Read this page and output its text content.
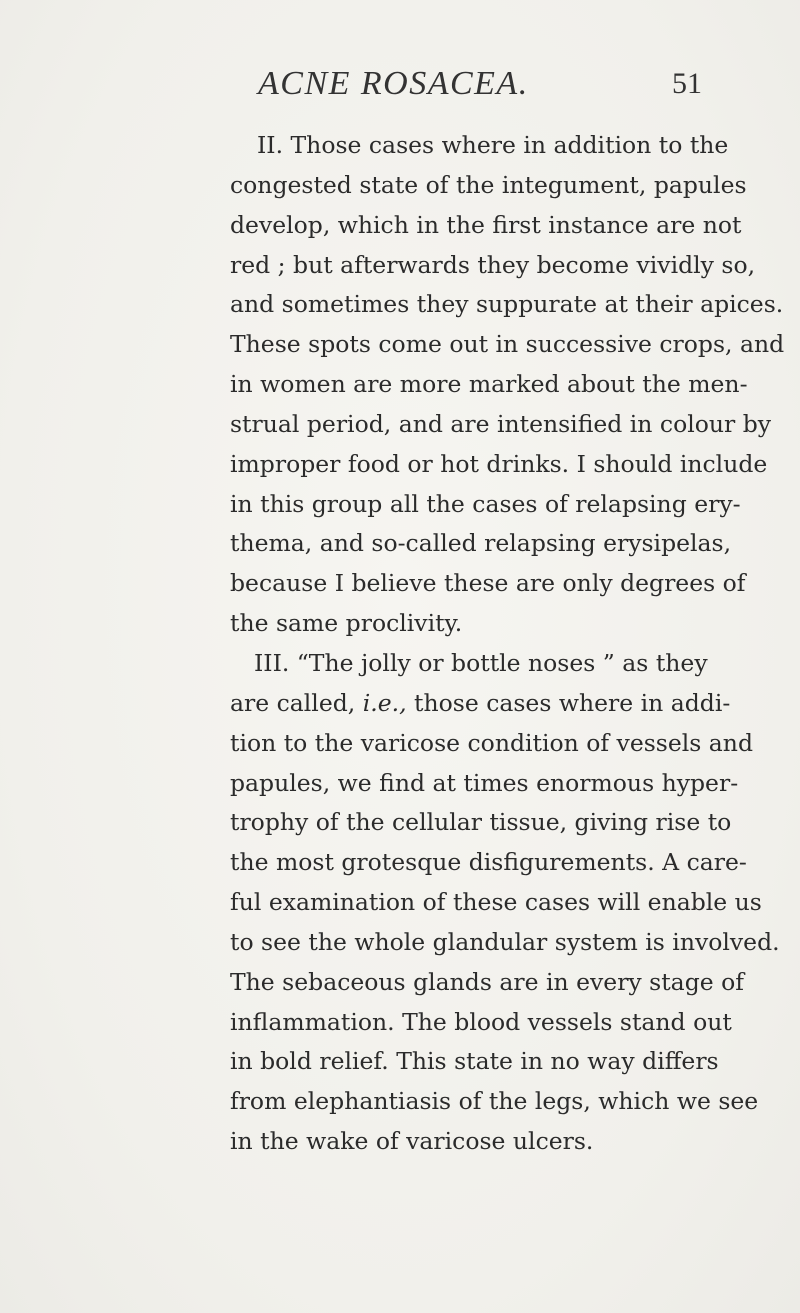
ACNE ROSACEA.	51
II. Those cases where in addition to the
congested state of the integument, papules
develop, which in the first instance are not
red ; but afterwards they become vividly so,
and sometimes they suppurate at their apices.
These spots come out in successive crops, and
in women are more marked about the men-
strual period, and are intensified in colour by
improper food or hot drinks. I should include
in this group all the cases of relapsing ery-
thema, and so-called relapsing erysipelas,
because I believe these are only degrees of
the same proclivity.
III. “The jolly or bottle noses ” as they
are called, i.e., those cases where in addi-
tion to the varicose condition of vessels and
papules, we find at times enormous hyper-
trophy of the cellular tissue, giving rise to
the most grotesque disfigurements. A care-
ful examination of these cases will enable us
to see the whole glandular system is involved.
The sebaceous glands are in every stage of
inflammation. The blood vessels stand out
in bold relief. This state in no way differs
from elephantiasis of the legs, which we see
in the wake of varicose ulcers.
